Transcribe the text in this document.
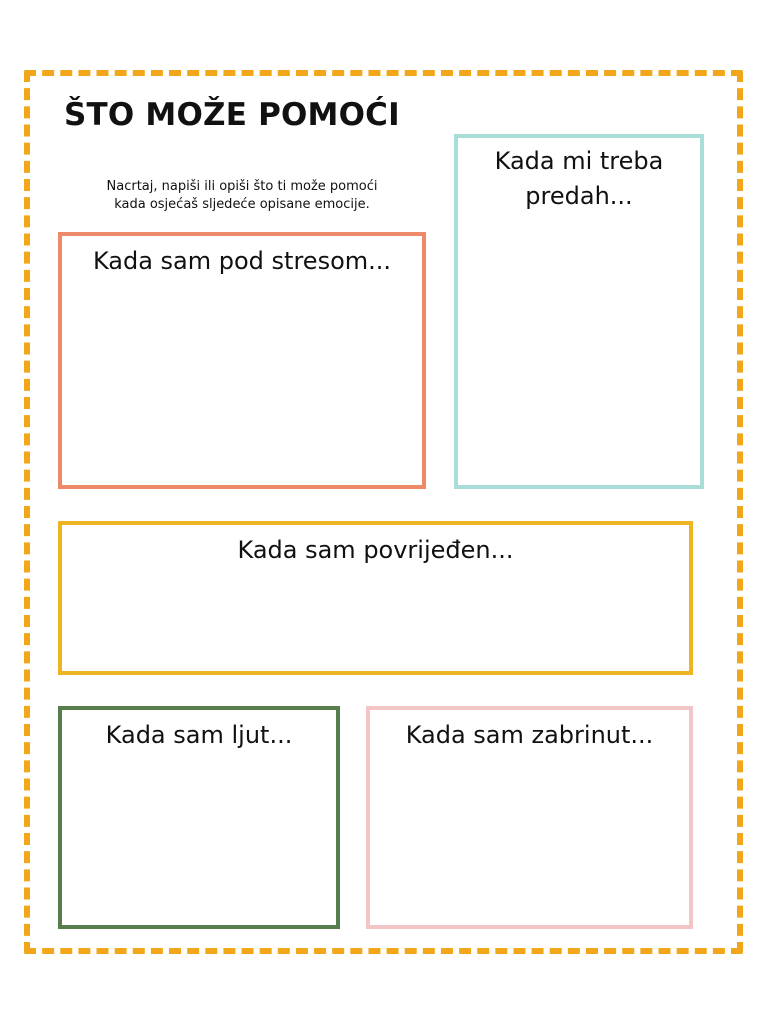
ŠTO MOŽE POMOĆI
Nacrtaj, napiši ili opiši što ti može pomoći
kada osjećaš sljedeće opisane emocije.
Kada sam pod stresom...
Kada mi treba
predah...
Kada sam povrijeđen...
Kada sam ljut...	Kada sam zabrinut...
